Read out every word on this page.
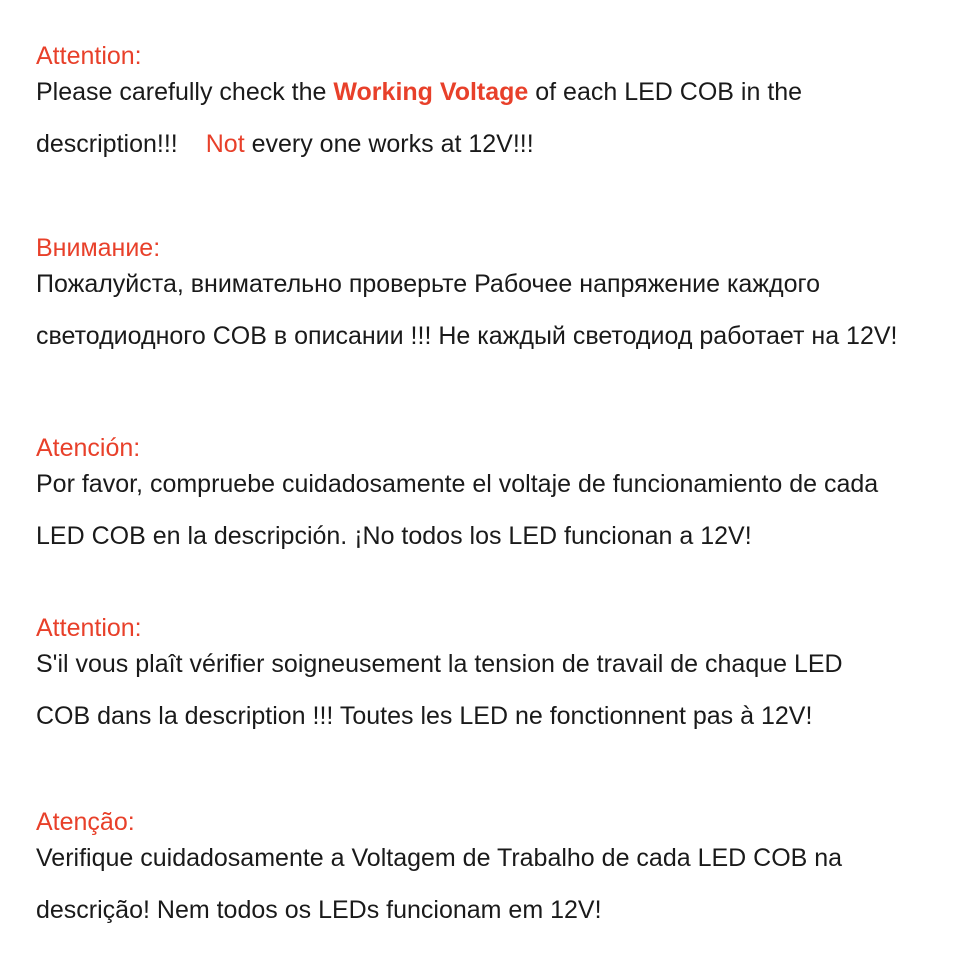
Attention:
Please carefully check the Working Voltage of each LED COB in the
description!!! Not every one works at 12V!!!
Внимание:
Пожалуйста, внимательно проверьте Рабочее напряжение каждого
светодиодного COB в описании !!! Не каждый светодиод работает на 12V!
Atención:
Por favor, compruebe cuidadosamente el voltaje de funcionamiento de cada
LED COB en la descripción. ¡No todos los LED funcionan a 12V!
Attention:
S'il vous plaît vérifier soigneusement la tension de travail de chaque LED
COB dans la description !!! Toutes les LED ne fonctionnent pas à 12V!
Atenção:
Verifique cuidadosamente a Voltagem de Trabalho de cada LED COB na
descrição! Nem todos os LEDs funcionam em 12V!
